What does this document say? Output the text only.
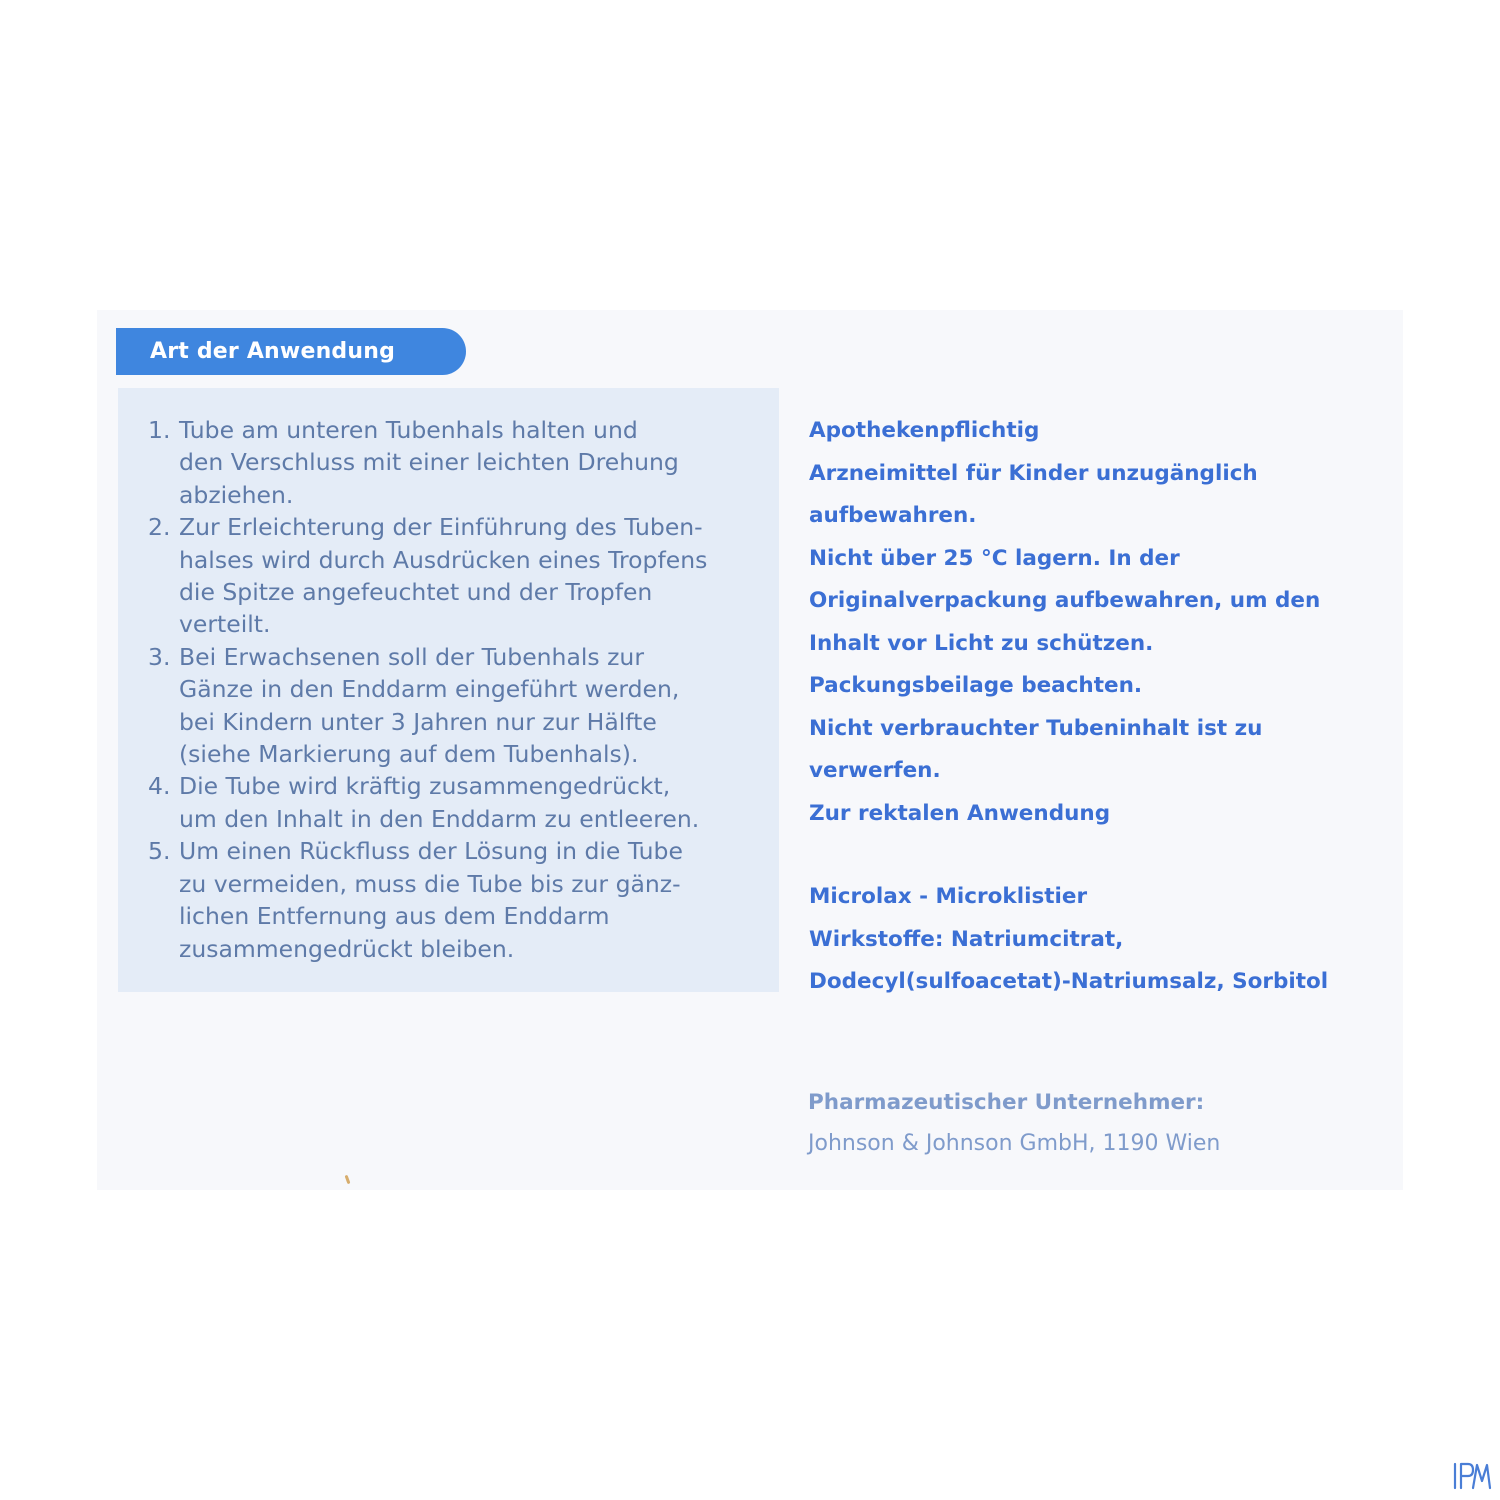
Art der Anwendung
1. Tube am unteren Tubenhals halten und
den Verschluss mit einer leichten Drehung
abziehen.
2. Zur Erleichterung der Einführung des Tuben-
halses wird durch Ausdrücken eines Tropfens
die Spitze angefeuchtet und der Tropfen
verteilt.
3. Bei Erwachsenen soll der Tubenhals zur
Gänze in den Enddarm eingeführt werden,
bei Kindern unter 3 Jahren nur zur Hälfte
(siehe Markierung auf dem Tubenhals).
4. Die Tube wird kräftig zusammengedrückt,
um den Inhalt in den Enddarm zu entleeren.
5. Um einen Rückfluss der Lösung in die Tube
zu vermeiden, muss die Tube bis zur gänz-
lichen Entfernung aus dem Enddarm
zusammengedrückt bleiben.

Apothekenpflichtig

Arzneimittel für Kinder unzugänglich

aufbewahren.

Nicht über 25 °C lagern. In der

Originalverpackung aufbewahren, um den

Inhalt vor Licht zu schützen.

Packungsbeilage beachten.

Nicht verbrauchter Tubeninhalt ist zu

verwerfen.

Zur rektalen Anwendung

Microlax - Microklistier

Wirkstoffe: Natriumcitrat,

Dodecyl(sulfoacetat)-Natriumsalz, Sorbitol

Pharmazeutischer Unternehmer:
Johnson & Johnson GmbH, 1190 Wien
